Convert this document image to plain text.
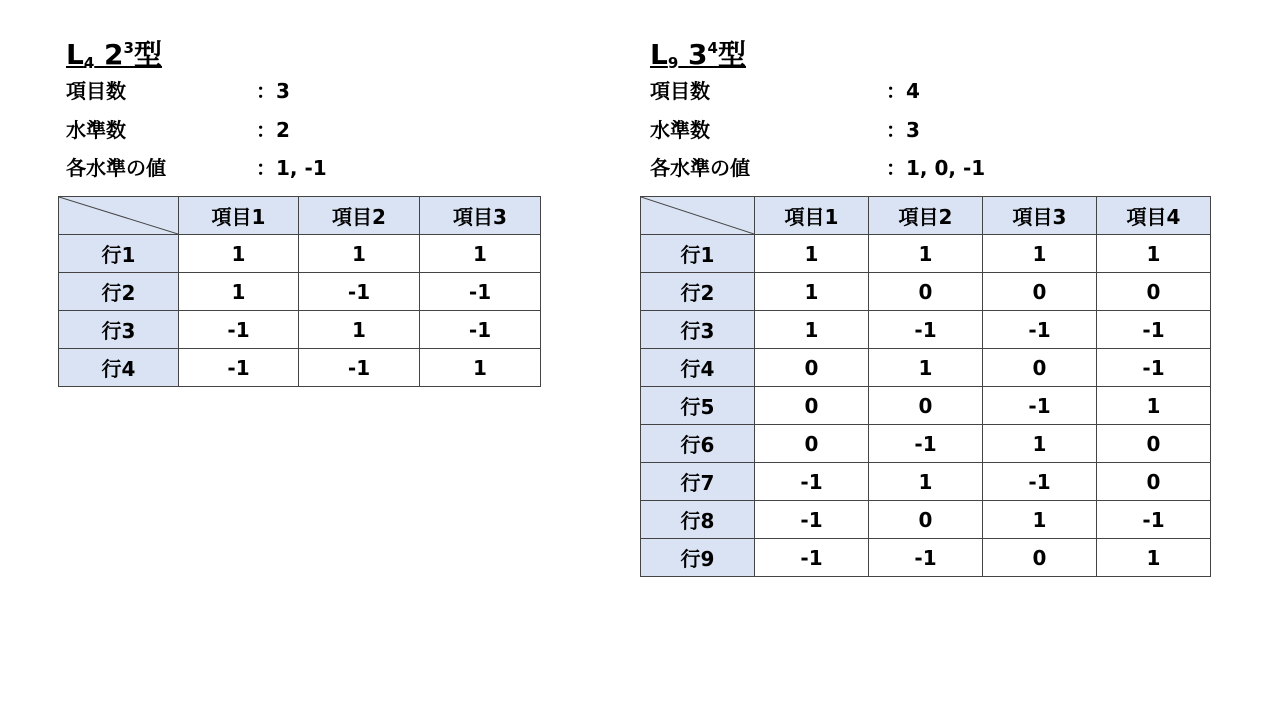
$L_4$ $2^3$型
項目数	：3
水準数	：2
各水準の値	：1, -1
	項目1	項目2	項目3
行1	1	1	1
行2	1	-1	-1
行3	-1	1	-1
行4	-1	-1	1
$L_9$ $3^4$型
項目数	：4
水準数	：3
各水準の値	：1, 0, -1
	項目1	項目2	項目3	項目4
行1	1	1	1	1
行2	1	0	0	0
行3	1	-1	-1	-1
行4	0	1	0	-1
行5	0	0	-1	1
行6	0	-1	1	0
行7	-1	1	-1	0
行8	-1	0	1	-1
行9	-1	-1	0	1
